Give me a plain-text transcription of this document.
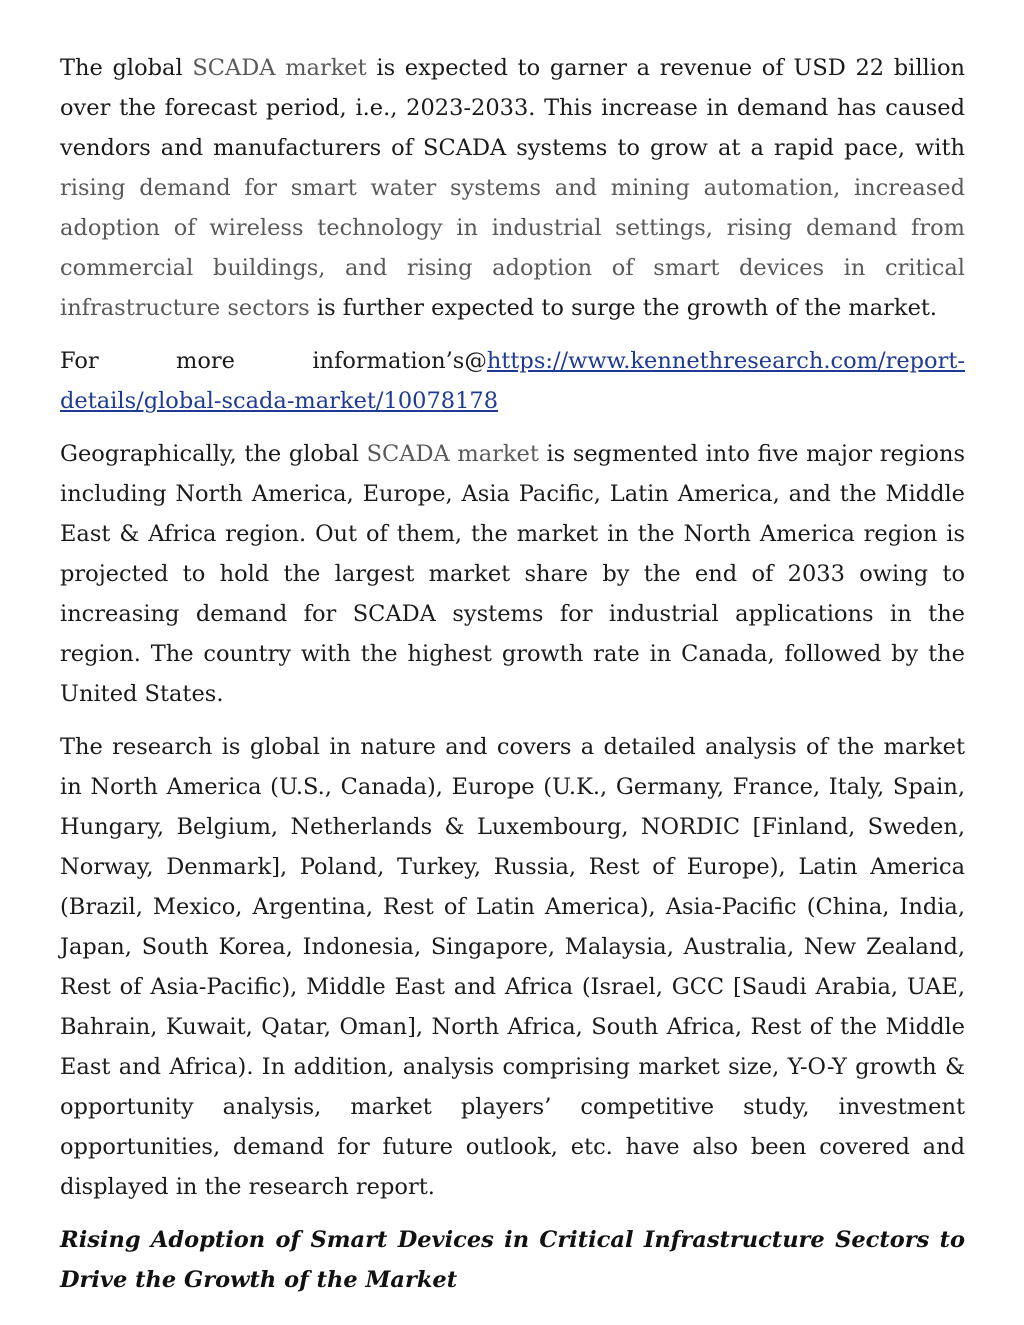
The global SCADA market is expected to garner a revenue of USD 22 billion over the forecast period, i.e., 2023-2033. This increase in demand has caused vendors and manufacturers of SCADA systems to grow at a rapid pace, with rising demand for smart water systems and mining automation, increased adoption of wireless technology in industrial settings, rising demand from commercial buildings, and rising adoption of smart devices in critical infrastructure sectors is further expected to surge the growth of the market.

For more information’s@https://www.kennethresearch.com/report-details/global-scada-market/10078178

Geographically, the global SCADA market is segmented into five major regions including North America, Europe, Asia Pacific, Latin America, and the Middle East & Africa region. Out of them, the market in the North America region is projected to hold the largest market share by the end of 2033 owing to increasing demand for SCADA systems for industrial applications in the region. The country with the highest growth rate in Canada, followed by the United States.

The research is global in nature and covers a detailed analysis of the market in North America (U.S., Canada), Europe (U.K., Germany, France, Italy, Spain, Hungary, Belgium, Netherlands & Luxembourg, NORDIC [Finland, Sweden, Norway, Denmark], Poland, Turkey, Russia, Rest of Europe), Latin America (Brazil, Mexico, Argentina, Rest of Latin America), Asia-Pacific (China, India, Japan, South Korea, Indonesia, Singapore, Malaysia, Australia, New Zealand, Rest of Asia-Pacific), Middle East and Africa (Israel, GCC [Saudi Arabia, UAE, Bahrain, Kuwait, Qatar, Oman], North Africa, South Africa, Rest of the Middle East and Africa). In addition, analysis comprising market size, Y-O-Y growth & opportunity analysis, market players’ competitive study, investment opportunities, demand for future outlook, etc. have also been covered and displayed in the research report.

Rising Adoption of Smart Devices in Critical Infrastructure Sectors to Drive the Growth of the Market
